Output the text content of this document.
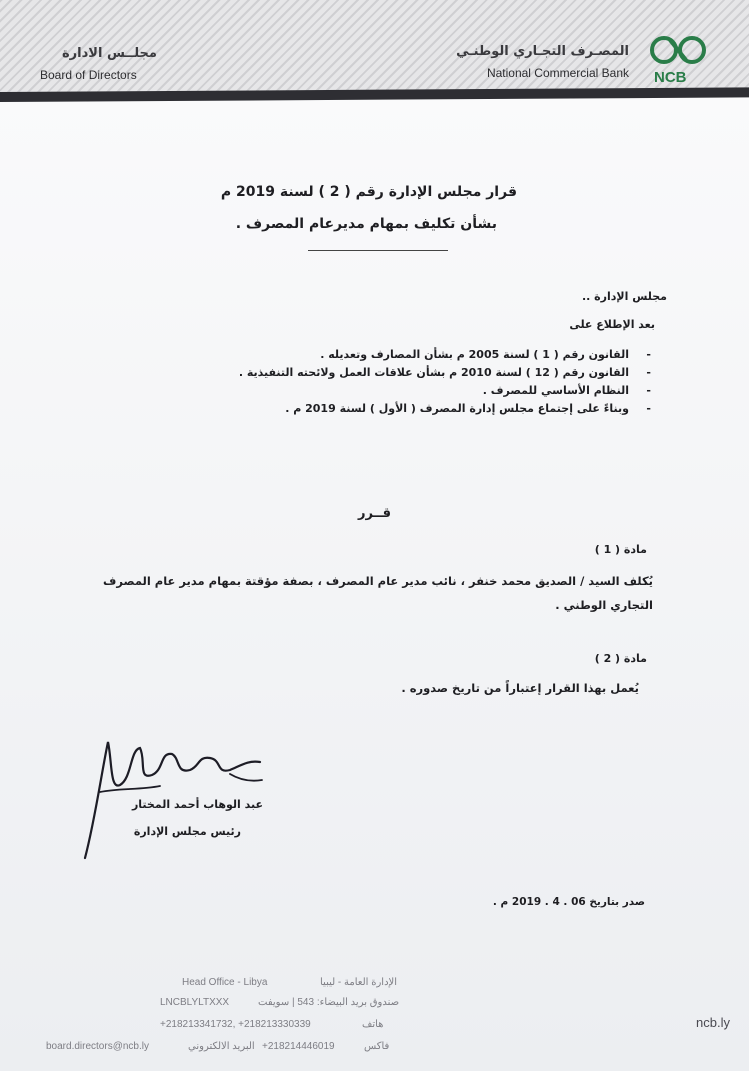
مجلــس الادارة
Board of Directors
المصـرف التجـاري الوطنـي
National Commercial Bank NCB
قرار مجلس الإدارة رقم ( 2 ) لسنة 2019 م
بشأن تكليف بمهام مديرعام المصرف .
مجلس الإدارة ..
بعد الإطلاع على
-
القانون رقم ( 1 ) لسنة 2005 م بشأن المصارف وتعديله .
-
القانون رقم ( 12 ) لسنة 2010 م بشأن علاقات العمل ولائحته التنفيذية .
-
النظام الأساسي للمصرف .
-
وبناءً على إجتماع مجلس إدارة المصرف ( الأول ) لسنة 2019 م .
قــرر
مادة ( 1 )
يُكلف السيد / الصديق محمد خنفر ، نائب مدير عام المصرف ، بصفة مؤقتة بمهام مدير عام المصرف
التجاري الوطني .
مادة ( 2 )
يُعمل بهذا القرار إعتباراً من تاريخ صدوره .
عبد الوهاب أحمد المختار
رئيس مجلس الإدارة
صدر بتاريخ 06 . 4 . 2019 م .
Head Office - Libya	الإدارة العامة - ليبيا
LNCBLYLTXXX	صندوق بريد البيضاء: 543 | سويفت
+218213341732, +218213330339	هاتف
board.directors@ncb.ly	البريد الالكتروني +218214446019	فاكس
ncb.ly
